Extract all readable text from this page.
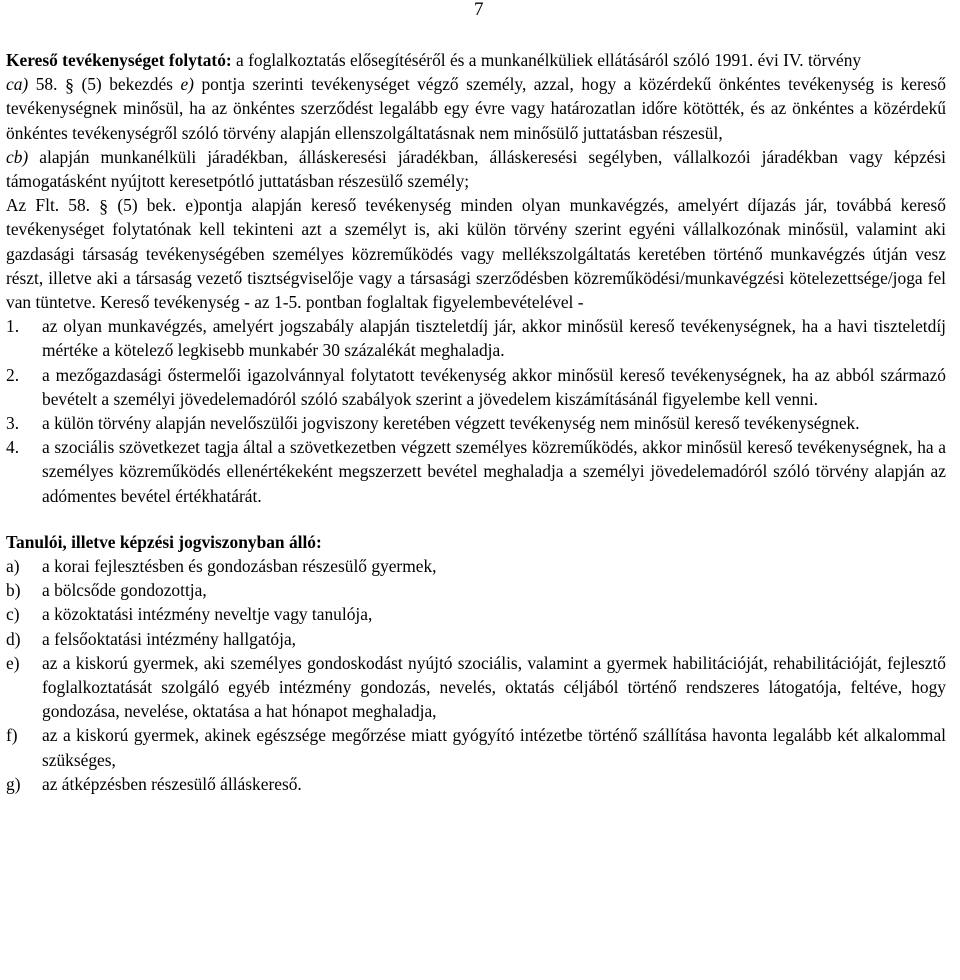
7

Kereső tevékenységet folytató: a foglalkoztatás elősegítéséről és a munkanélküliek ellátásáról szóló 1991. évi IV. törvény

ca) 58. § (5) bekezdés e) pontja szerinti tevékenységet végző személy, azzal, hogy a közérdekű önkéntes tevékenység is kereső tevékenységnek minősül, ha az önkéntes szerződést legalább egy évre vagy határozatlan időre kötötték, és az önkéntes a közérdekű önkéntes tevékenységről szóló törvény alapján ellenszolgáltatásnak nem minősülő juttatásban részesül,

cb) alapján munkanélküli járadékban, álláskeresési járadékban, álláskeresési segélyben, vállalkozói járadékban vagy képzési támogatásként nyújtott keresetpótló juttatásban részesülő személy;

Az Flt. 58. § (5) bek. e)pontja alapján kereső tevékenység minden olyan munkavégzés, amelyért díjazás jár, továbbá kereső tevékenységet folytatónak kell tekinteni azt a személyt is, aki külön törvény szerint egyéni vállalkozónak minősül, valamint aki gazdasági társaság tevékenységében személyes közreműködés vagy mellékszolgáltatás keretében történő munkavégzés útján vesz részt, illetve aki a társaság vezető tisztségviselője vagy a társasági szerződésben közreműködési/munkavégzési kötelezettsége/joga fel van tüntetve. Kereső tevékenység - az 1-5. pontban foglaltak figyelembevételével -

1.	az olyan munkavégzés, amelyért jogszabály alapján tiszteletdíj jár, akkor minősül kereső tevékenységnek, ha a havi tiszteletdíj mértéke a kötelező legkisebb munkabér 30 százalékát meghaladja.
2.	a mezőgazdasági őstermelői igazolvánnyal folytatott tevékenység akkor minősül kereső tevékenységnek, ha az abból származó bevételt a személyi jövedelemadóról szóló szabályok szerint a jövedelem kiszámításánál figyelembe kell venni.
3.	a külön törvény alapján nevelőszülői jogviszony keretében végzett tevékenység nem minősül kereső tevékenységnek.
4.	a szociális szövetkezet tagja által a szövetkezetben végzett személyes közreműködés, akkor minősül kereső tevékenységnek, ha a személyes közreműködés ellenértékeként megszerzett bevétel meghaladja a személyi jövedelemadóról szóló törvény alapján az adómentes bevétel értékhatárát.

Tanulói, illetve képzési jogviszonyban álló:

a)	a korai fejlesztésben és gondozásban részesülő gyermek,
b)	a bölcsőde gondozottja,
c)	a közoktatási intézmény neveltje vagy tanulója,
d)	a felsőoktatási intézmény hallgatója,
e)	az a kiskorú gyermek, aki személyes gondoskodást nyújtó szociális, valamint a gyermek habilitációját, rehabilitációját, fejlesztő foglalkoztatását szolgáló egyéb intézmény gondozás, nevelés, oktatás céljából történő rendszeres látogatója, feltéve, hogy gondozása, nevelése, oktatása a hat hónapot meghaladja,
f)	az a kiskorú gyermek, akinek egészsége megőrzése miatt gyógyító intézetbe történő szállítása havonta legalább két alkalommal szükséges,
g)	az átképzésben részesülő álláskereső.
